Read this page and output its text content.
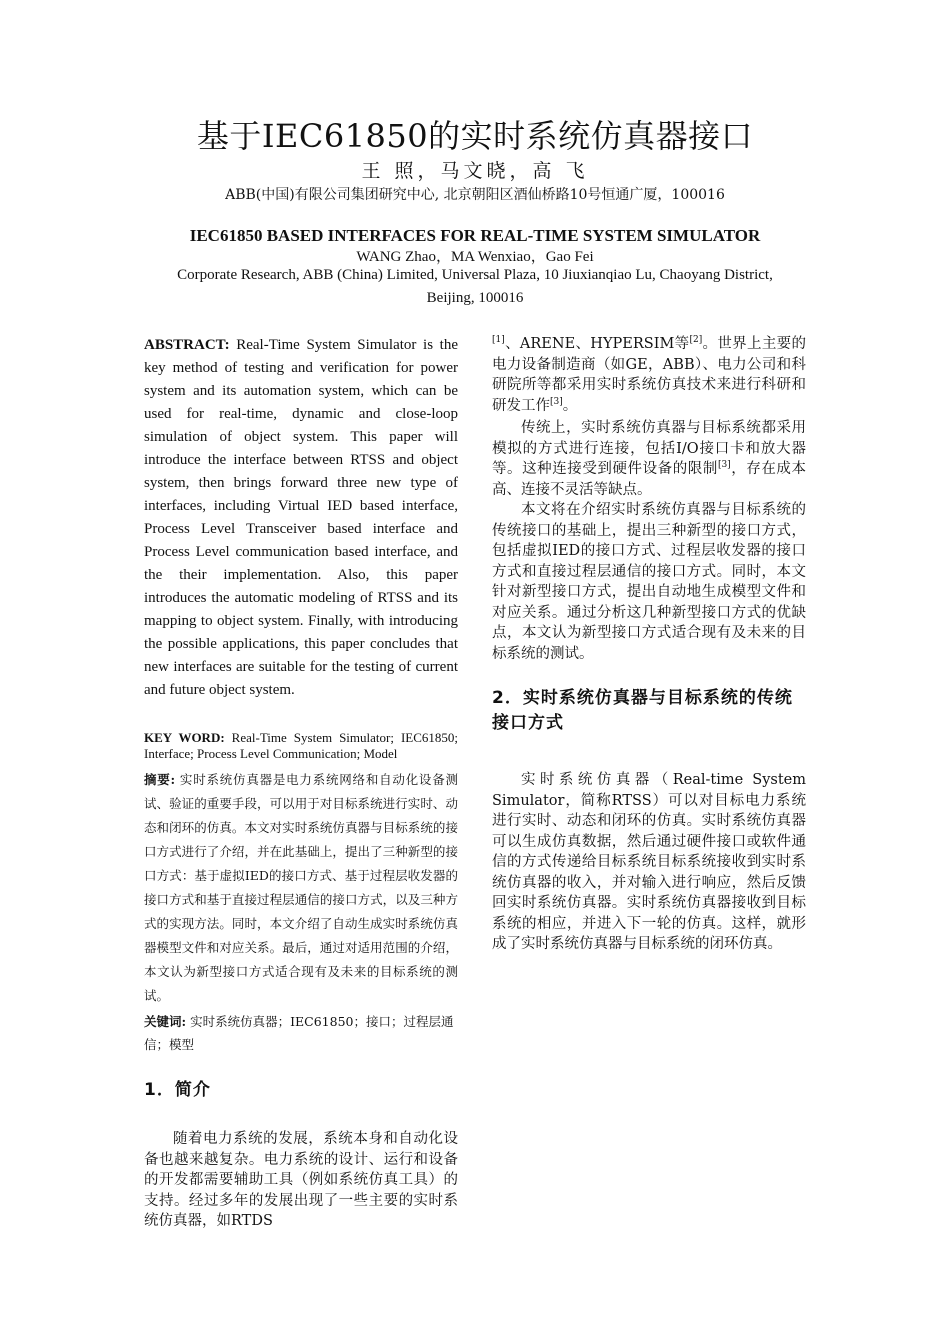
基于IEC61850的实时系统仿真器接口
王 照，马文晓，高 飞
ABB(中国)有限公司集团研究中心, 北京朝阳区酒仙桥路10号恒通广厦，100016
IEC61850 BASED INTERFACES FOR REAL-TIME SYSTEM SIMULATOR
WANG Zhao，MA Wenxiao，Gao Fei
Corporate Research, ABB (China) Limited, Universal Plaza, 10 Jiuxianqiao Lu, Chaoyang District, Beijing, 100016

ABSTRACT: Real-Time System Simulator is the key method of testing and verification for power system and its automation system, which can be used for real-time, dynamic and close-loop simulation of object system. This paper will introduce the interface between RTSS and object system, then brings forward three new type of interfaces, including Virtual IED based interface, Process Level Transceiver based interface and Process Level communication based interface, and the their implementation. Also, this paper introduces the automatic modeling of RTSS and its mapping to object system. Finally, with introducing the possible applications, this paper concludes that new interfaces are suitable for the testing of current and future object system.

KEY WORD: Real-Time System Simulator; IEC61850; Interface; Process Level Communication; Model

摘要: 实时系统仿真器是电力系统网络和自动化设备测试、验证的重要手段，可以用于对目标系统进行实时、动态和闭环的仿真。本文对实时系统仿真器与目标系统的接口方式进行了介绍，并在此基础上，提出了三种新型的接口方式：基于虚拟IED的接口方式、基于过程层收发器的接口方式和基于直接过程层通信的接口方式，以及三种方式的实现方法。同时，本文介绍了自动生成实时系统仿真器模型文件和对应关系。最后，通过对适用范围的介绍，本文认为新型接口方式适合现有及未来的目标系统的测试。

关键词: 实时系统仿真器；IEC61850；接口；过程层通信；模型

1．简介

随着电力系统的发展，系统本身和自动化设备也越来越复杂。电力系统的设计、运行和设备的开发都需要辅助工具（例如系统仿真工具）的支持。经过多年的发展出现了一些主要的实时系统仿真器，如RTDS

[1]、ARENE、HYPERSIM等[2]。世界上主要的电力设备制造商（如GE，ABB）、电力公司和科研院所等都采用实时系统仿真技术来进行科研和研发工作[3]。

传统上，实时系统仿真器与目标系统都采用模拟的方式进行连接，包括I/O接口卡和放大器等。这种连接受到硬件设备的限制[3]，存在成本高、连接不灵活等缺点。

本文将在介绍实时系统仿真器与目标系统的传统接口的基础上，提出三种新型的接口方式，包括虚拟IED的接口方式、过程层收发器的接口方式和直接过程层通信的接口方式。同时，本文针对新型接口方式，提出自动地生成模型文件和对应关系。通过分析这几种新型接口方式的优缺点，本文认为新型接口方式适合现有及未来的目标系统的测试。

2．实时系统仿真器与目标系统的传统接口方式

实时系统仿真器（Real-time System Simulator，简称RTSS）可以对目标电力系统进行实时、动态和闭环的仿真。实时系统仿真器可以生成仿真数据，然后通过硬件接口或软件通信的方式传递给目标系统目标系统接收到实时系统仿真器的收入，并对输入进行响应，然后反馈回实时系统仿真器。实时系统仿真器接收到目标系统的相应，并进入下一轮的仿真。这样，就形成了实时系统仿真器与目标系统的闭环仿真。
